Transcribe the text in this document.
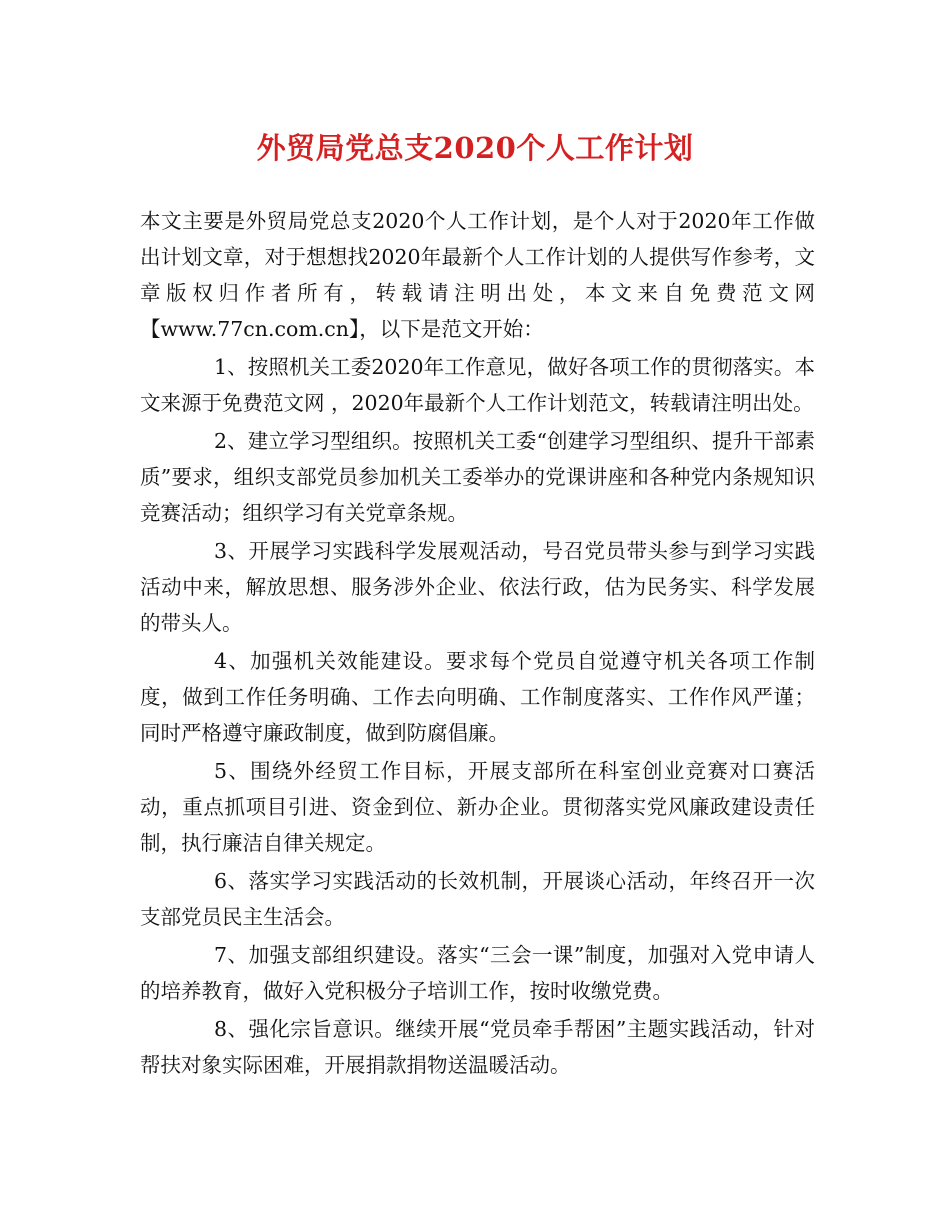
外贸局党总支2020个人工作计划

本文主要是外贸局党总支2020个人工作计划，是个人对于2020年工作做出计划文章，对于想想找2020年最新个人工作计划的人提供写作参考，文章版权归作者所有，转载请注明出处，本文来自免费范文网【www.77cn.com.cn】，以下是范文开始：

1、按照机关工委2020年工作意见，做好各项工作的贯彻落实。本文来源于免费范文网 ，2020年最新个人工作计划范文，转载请注明出处。

2、建立学习型组织。按照机关工委“创建学习型组织、提升干部素质”要求，组织支部党员参加机关工委举办的党课讲座和各种党内条规知识竞赛活动；组织学习有关党章条规。

3、开展学习实践科学发展观活动，号召党员带头参与到学习实践活动中来，解放思想、服务涉外企业、依法行政，估为民务实、科学发展的带头人。

4、加强机关效能建设。要求每个党员自觉遵守机关各项工作制度，做到工作任务明确、工作去向明确、工作制度落实、工作作风严谨；同时严格遵守廉政制度，做到防腐倡廉。

5、围绕外经贸工作目标，开展支部所在科室创业竞赛对口赛活动，重点抓项目引进、资金到位、新办企业。贯彻落实党风廉政建设责任制，执行廉洁自律关规定。

6、落实学习实践活动的长效机制，开展谈心活动，年终召开一次支部党员民主生活会。

7、加强支部组织建设。落实“三会一课”制度，加强对入党申请人的培养教育，做好入党积极分子培训工作，按时收缴党费。

8、强化宗旨意识。继续开展“党员牵手帮困”主题实践活动，针对帮扶对象实际困难，开展捐款捐物送温暖活动。
